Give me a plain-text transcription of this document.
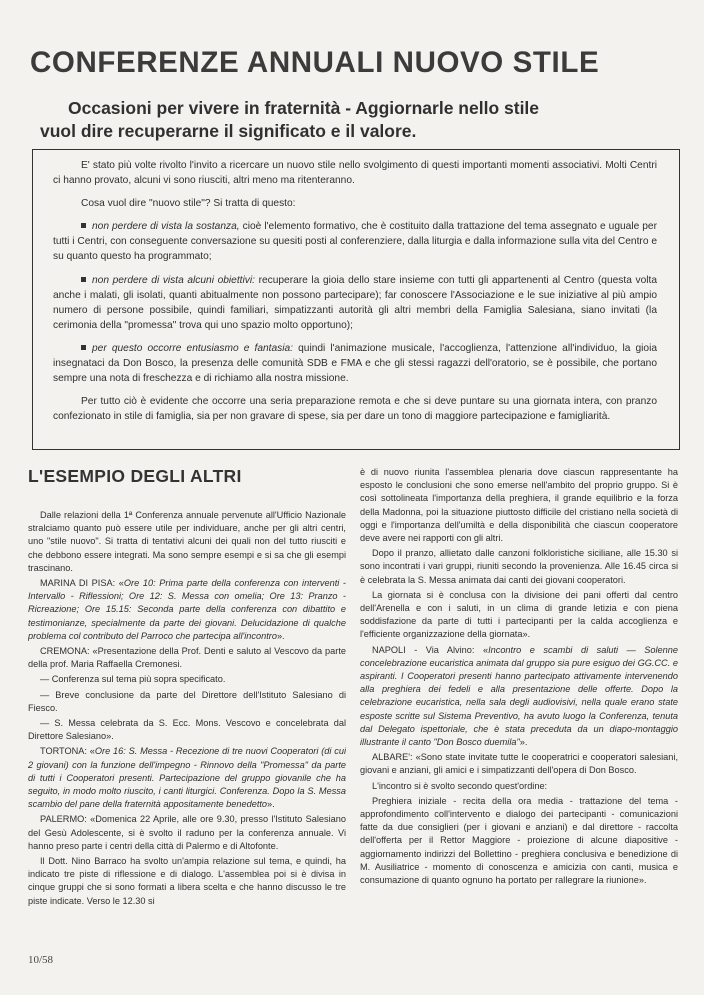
CONFERENZE ANNUALI NUOVO STILE
Occasioni per vivere in fraternità - Aggiornarle nello stile
vuol dire recuperarne il significato e il valore.

E' stato più volte rivolto l'invito a ricercare un nuovo stile nello svolgimento di questi importanti momenti associativi. Molti Centri ci hanno provato, alcuni vi sono riusciti, altri meno ma ritenteranno.

Cosa vuol dire "nuovo stile"? Si tratta di questo:

non perdere di vista la sostanza, cioè l'elemento formativo, che è costituito dalla trattazione del tema assegnato e uguale per tutti i Centri, con conseguente conversazione su quesiti posti al conferenziere, dalla liturgia e dalla informazione sulla vita del Centro e su quanto questo ha programmato;

non perdere di vista alcuni obiettivi: recuperare la gioia dello stare insieme con tutti gli appartenenti al Centro (questa volta anche i malati, gli isolati, quanti abitualmente non possono partecipare); far conoscere l'Associazione e le sue iniziative al più ampio numero di persone possibile, quindi familiari, simpatizzanti autorità gli altri membri della Famiglia Salesiana, siano invitati (la cerimonia della "promessa" trova qui uno spazio molto opportuno);

per questo occorre entusiasmo e fantasia: quindi l'animazione musicale, l'accoglienza, l'attenzione all'individuo, la gioia insegnataci da Don Bosco, la presenza delle comunità SDB e FMA e che gli stessi ragazzi dell'oratorio, se è possibile, che portano sempre una nota di freschezza e di richiamo alla nostra missione.

Per tutto ciò è evidente che occorre una seria preparazione remota e che si deve puntare su una giornata intera, con pranzo confezionato in stile di famiglia, sia per non gravare di spese, sia per dare un tono di maggiore partecipazione e famigliarità.

L'ESEMPIO DEGLI ALTRI

Dalle relazioni della 1ª Conferenza annuale pervenute all'Ufficio Nazionale stralciamo quanto può essere utile per individuare, anche per gli altri centri, uno "stile nuovo". Si tratta di tentativi alcuni dei quali non del tutto riusciti e che debbono essere integrati. Ma sono sempre esempi e si sa che gli esempi trascinano.

MARINA DI PISA: «Ore 10: Prima parte della conferenza con interventi - Intervallo - Riflessioni; Ore 12: S. Messa con omelia; Ore 13: Pranzo - Ricreazione; Ore 15.15: Seconda parte della conferenza con dibattito e testimonianze, specialmente da parte dei giovani. Delucidazione di qualche problema col contributo del Parroco che partecipa all'incontro».

CREMONA: «Presentazione della Prof. Denti e saluto al Vescovo da parte della prof. Maria Raffaella Cremonesi.

— Conferenza sul tema più sopra specificato.

— Breve conclusione da parte del Direttore dell'Istituto Salesiano di Fiesco.

— S. Messa celebrata da S. Ecc. Mons. Vescovo e concelebrata dal Direttore Salesiano».

TORTONA: «Ore 16: S. Messa - Recezione di tre nuovi Cooperatori (di cui 2 giovani) con la funzione dell'impegno - Rinnovo della "Promessa" da parte di tutti i Cooperatori presenti. Partecipazione del gruppo giovanile che ha seguito, in modo molto riuscito, i canti liturgici. Conferenza. Dopo la S. Messa scambio del pane della fraternità appositamente benedetto».

PALERMO: «Domenica 22 Aprile, alle ore 9.30, presso l'Istituto Salesiano del Gesù Adolescente, si è svolto il raduno per la conferenza annuale. Vi hanno preso parte i centri della città di Palermo e di Altofonte.

Il Dott. Nino Barraco ha svolto un'ampia relazione sul tema, e quindi, ha indicato tre piste di riflessione e di dialogo. L'assemblea poi si è divisa in cinque gruppi che si sono formati a libera scelta e che hanno discusso le tre piste indicate. Verso le 12.30 si

è di nuovo riunita l'assemblea plenaria dove ciascun rappresentante ha esposto le conclusioni che sono emerse nell'ambito del proprio gruppo. Si è così sottolineata l'importanza della preghiera, il grande equilibrio e la forza della Madonna, poi la situazione piuttosto difficile del cristiano nella società di oggi e l'importanza dell'umiltà e della disponibilità che ciascun cooperatore deve avere nei rapporti con gli altri.

Dopo il pranzo, allietato dalle canzoni folkloristiche siciliane, alle 15.30 si sono incontrati i vari gruppi, riuniti secondo la provenienza. Alle 16.45 circa si è celebrata la S. Messa animata dai canti dei giovani cooperatori.

La giornata si è conclusa con la divisione dei pani offerti dal centro dell'Arenella e con i saluti, in un clima di grande letizia e con piena soddisfazione da parte di tutti i partecipanti per la calda accoglienza e l'efficiente organizzazione della giornata».

NAPOLI - Via Alvino: «Incontro e scambi di saluti — Solenne concelebrazione eucaristica animata dal gruppo sia pure esiguo dei GG.CC. e aspiranti. I Cooperatori presenti hanno partecipato attivamente intervenendo alla preghiera dei fedeli e alla presentazione delle offerte. Dopo la celebrazione eucaristica, nella sala degli audiovisivi, nella quale erano state esposte scritte sul Sistema Preventivo, ha avuto luogo la Conferenza, tenuta dal Delegato ispettoriale, che è stata preceduta da un diapo-montaggio illustrante il canto "Don Bosco duemila"».

ALBARE': «Sono state invitate tutte le cooperatrici e cooperatori salesiani, giovani e anziani, gli amici e i simpatizzanti dell'opera di Don Bosco.

L'incontro si è svolto secondo quest'ordine:

Preghiera iniziale - recita della ora media - trattazione del tema - approfondimento coll'intervento e dialogo dei partecipanti - comunicazioni fatte da due consiglieri (per i giovani e anziani) e dal direttore - raccolta dell'offerta per il Rettor Maggiore - proiezione di alcune diapositive - aggiornamento indirizzi del Bollettino - preghiera conclusiva e benedizione di M. Ausiliatrice - momento di conoscenza e amicizia con canti, musica e consumazione di quanto ognuno ha portato per rallegrare la riunione».

10/58
